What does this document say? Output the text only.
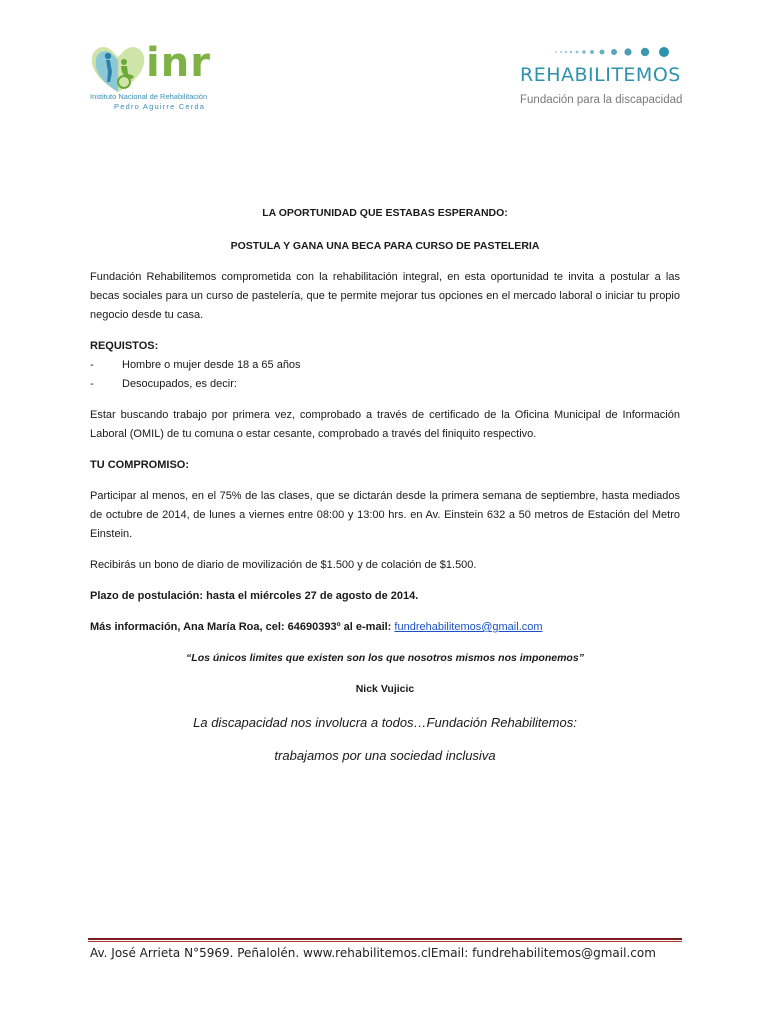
inr
Instituto Nacional de Rehabilitación
Pedro Aguirre Cerda
REHABILITEMOS
Fundación para la discapacidad

LA OPORTUNIDAD QUE ESTABAS ESPERANDO:

POSTULA Y GANA UNA BECA PARA CURSO DE PASTELERIA

Fundación Rehabilitemos comprometida con la rehabilitación integral, en esta oportunidad te invita a postular a las becas sociales para un curso de pastelería, que te permite mejorar tus opciones en el mercado laboral o iniciar tu propio negocio desde tu casa.

REQUISTOS:

-	Hombre o mujer desde 18 a 65 años
-	Desocupados, es decir:

Estar buscando trabajo por primera vez, comprobado a través de certificado de la Oficina Municipal de Información Laboral (OMIL) de tu comuna o estar cesante, comprobado a través del finiquito respectivo.

TU COMPROMISO:

Participar al menos, en el 75% de las clases, que se dictarán desde la primera semana de septiembre, hasta mediados de octubre de 2014, de lunes a viernes entre 08:00 y 13:00 hrs. en Av. Einstein 632 a 50 metros de Estación del Metro Einstein.

Recibirás un bono de diario de movilización de $1.500 y de colación de $1.500.

Plazo de postulación: hasta el miércoles 27 de agosto de 2014.

Más información, Ana María Roa, cel: 64690393º al e-mail: fundrehabilitemos@gmail.com

“Los únicos limites que existen son los que nosotros mismos nos imponemos”

Nick Vujicic

La discapacidad nos involucra a todos…Fundación Rehabilitemos:

trabajamos por una sociedad inclusiva

Av. José Arrieta N°5969. Peñalolén. www.rehabilitemos.clEmail: fundrehabilitemos@gmail.com
